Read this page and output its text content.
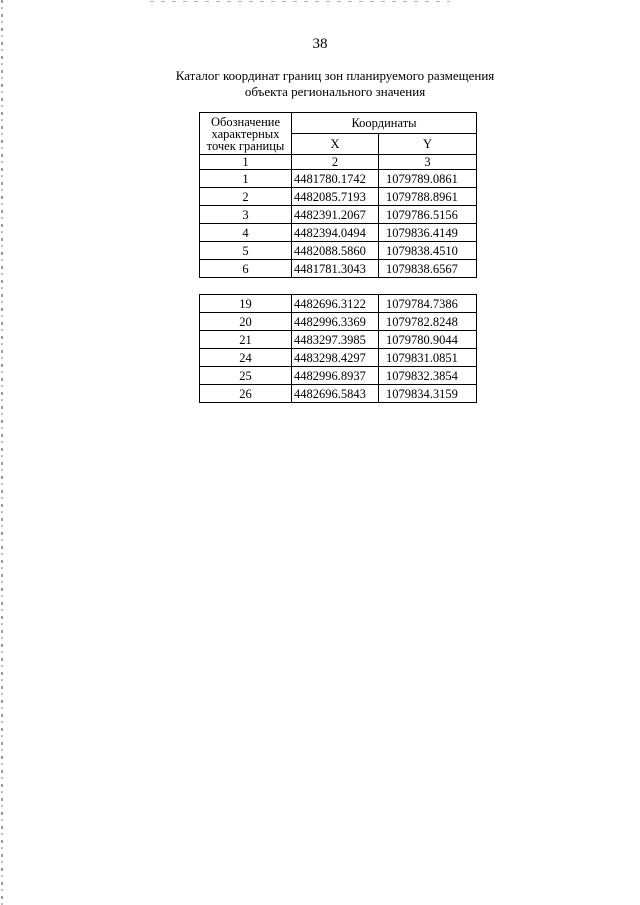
38
Каталог координат границ зон планируемого размещения
объекта регионального значения
Обозначение
характерных
точек границы	Координаты	
	X	Y
1	2	3
1	4481780.1742	1079789.0861
2	4482085.7193	1079788.8961
3	4482391.2067	1079786.5156
4	4482394.0494	1079836.4149
5	4482088.5860	1079838.4510
6	4481781.3043	1079838.6567
19	4482696.3122	1079784.7386
20	4482996.3369	1079782.8248
21	4483297.3985	1079780.9044
24	4483298.4297	1079831.0851
25	4482996.8937	1079832.3854
26	4482696.5843	1079834.3159
